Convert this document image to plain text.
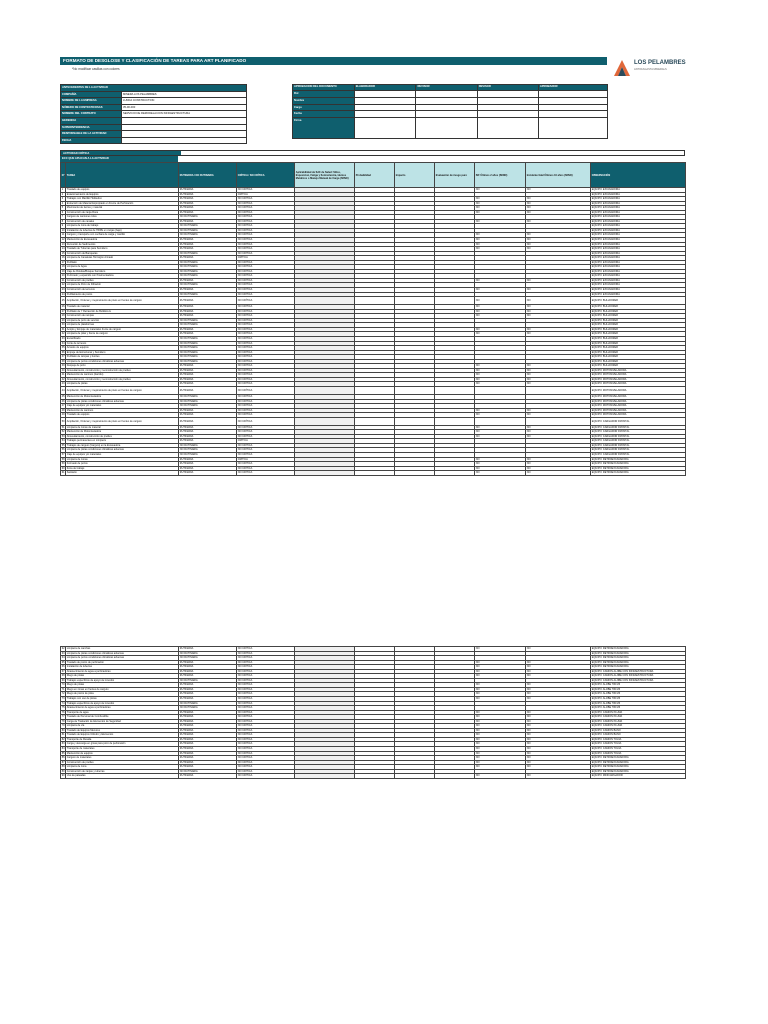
FORMATO DE DESGLOSE Y CLASIFICACIÓN DE TAREAS PARA ART PLANIFICADO
*No modificar casillas con colores
LOS PELAMBRES
ANTOFAGASTA MINERALS
ANTECEDENTES DE LA ACTIVIDAD	
COMPAÑÍA	MINERA LOS PELAMBRES
NOMBRE DE LA EMPRESA	LUNDA CONSTRUCTION
NÚMERO DE CONTRATO/OSAS	35-00-000
NOMBRE DEL CONTRATO	SERVICIO DE REMODELACION INFRAESTRUCTURA
GERENCIA	
SUPERINTENDENCIA	
RESPONSABLE DE LA ACTIVIDAD	
FECHA	
APROBACIÓN DEL DOCUMENTO	ELABORADOR	REVISOR	REVISOR	APROBADOR
Rol				
Nombre				
Cargo				
Fecha				
Firma				
ACTIVIDAD CRÍTICA
ECC QUE APLICAN A LA ACTIVIDAD
N°	TAREA	RUTINARIA / NO RUTINARIA	CRÍTICA / NO CRÍTICA	Aplicabilidad de SdC de Salud: Silice, Exposicion, Fatiga y Somnolencia, Humos Metalicos o Manejo Manual de Carga (SI/NO)	Probabilidad	Impacto	Evaluación de riesgo puro	SIF Últimos 2 años (SI/NO)	Incidente fatal Últimos 10 años (SI/NO)	OBSERVACIÓN
1	Traslado de equipos	RUTINARIA	NO CRÍTICA					NO	NO	EQUIPO: EXCAVADORA
2	Estacionamiento de Equipos	RUTINARIA	CRÍTICA							EQUIPO: EXCAVADORA
3	Trabajos con Martillo Hidráulico	RUTINARIA	NO CRÍTICA					NO	NO	EQUIPO: EXCAVADORA
4	Extracción de Material Expropiado en Frente de Perforación	RUTINARIA	NO CRÍTICA					NO	NO	EQUIPO: EXCAVADORA
5	Movimiento de tierras y material	RUTINARIA	NO CRÍTICA					NO	NO	EQUIPO: EXCAVADORA
6	Construcción de zanja Roca	RUTINARIA	NO CRÍTICA					NO	NO	EQUIPO: EXCAVADORA
7	Carguío de camiones tolva	NO RUTINARIA	NO CRÍTICA							EQUIPO: EXCAVADORA
8	Construcción de canales	RUTINARIA	NO CRÍTICA					NO	NO	EQUIPO: EXCAVADORA
9	Limpieza de zona de trabajo	NO RUTINARIA	NO CRÍTICA							EQUIPO: EXCAVADORA
10	Instalación de tuberías de HDPE en zanjas (bajo)	NO RUTINARIA	NO CRÍTICA							EQUIPO: EXCAVADORA
11	Carguío y transporte con cuchara de carga y martillo	NO RUTINARIA	NO CRÍTICA					NO	NO	EQUIPO: EXCAVADORA
12	Mantención de Excavadora	RUTINARIA	NO CRÍTICA					NO	NO	EQUIPO: EXCAVADORA
13	Remoción de Sedimentos	RUTINARIA	NO CRÍTICA					NO	NO	EQUIPO: EXCAVADORA
14	Traslado de Tuberías para Sumidero	RUTINARIA	NO CRÍTICA					NO	NO	EQUIPO: EXCAVADORA
15	Construcción de Banquetas	NO RUTINARIA	NO CRÍTICA							EQUIPO: EXCAVADORA
16	Limpieza de Canaletas Hormigón Armado	RUTINARIA	CRÍTICA							EQUIPO: EXCAVADORA
17	Perfilado	NO RUTINARIA	NO CRÍTICA							EQUIPO: EXCAVADORA
18	Limpieza de Agua	NO RUTINARIA	NO CRÍTICA							EQUIPO: EXCAVADORA
19	Izaje de Rotulas/Bosque Sumidero	NO RUTINARIA	NO CRÍTICA							EQUIPO: EXCAVADORA
20	Perforado y esparcido con Pavimentadora	NO RUTINARIA	NO CRÍTICA							EQUIPO: EXCAVADORA
21	Construcción de pretiles	RUTINARIA	NO CRÍTICA					NO	NO	EQUIPO: EXCAVADORA
22	Limpieza de Pozo de Filtración	NO RUTINARIA	NO CRÍTICA							EQUIPO: EXCAVADORA
23	Construcción de terrenos	RUTINARIA	NO CRÍTICA					NO	NO	EQUIPO: EXCAVADORA
24	Perfilamiento de pozos	NO RUTINARIA	NO CRÍTICA							EQUIPO: EXCAVADORA
25	Ampliación, Ordenar y mejoramiento de pisos en frentes de carguío	RUTINARIA	NO CRÍTICA					NO	NO	EQUIPO: BULLDOZER
26	Traslado de material	RUTINARIA	NO CRÍTICA					NO	NO	EQUIPO: BULLDOZER
27	Perfilado de Y Retracción de Bulldozers	RUTINARIA	NO CRÍTICA					NO	NO	EQUIPO: BULLDOZER
28	Construcción de rampas	RUTINARIA	NO CRÍTICA					NO	NO	EQUIPO: BULLDOZER
29	Limpieza de pozo de servicio	NO RUTINARIA	NO CRÍTICA							EQUIPO: BULLDOZER
30	Limpieza de plataformas	NO RUTINARIA	NO CRÍTICA							EQUIPO: BULLDOZER
31	Acopio y Empuje de materiales frente de carguío	RUTINARIA	NO CRÍTICA					NO	NO	EQUIPO: BULLDOZER
32	Limpieza de pilas y frente de carguío	RUTINARIA	NO CRÍTICA					NO	NO	EQUIPO: BULLDOZER
33	Escarificado	NO RUTINARIA	NO CRÍTICA							EQUIPO: BULLDOZER
34	Corte de terrenos	NO RUTINARIA	NO CRÍTICA							EQUIPO: BULLDOZER
35	Arrastre de equipos	NO RUTINARIA	NO CRÍTICA							EQUIPO: BULLDOZER
36	Empuje de Estructuras y Sumidero	NO RUTINARIA	NO CRÍTICA							EQUIPO: BULLDOZER
37	Perfilado de rampas y bordes	NO RUTINARIA	NO CRÍTICA							EQUIPO: BULLDOZER
38	Limpieza de pozos condiciones climáticas adversas	NO RUTINARIA	NO CRÍTICA							EQUIPO: BULLDOZER
39	Despeje de pozo	RUTINARIA	NO CRÍTICA					NO	NO	EQUIPO: BULLDOZER
40	Abovedamiento, construcción y reconstrucción de pretiles	RUTINARIA	NO CRÍTICA					NO	NO	EQUIPO: MOTONIVELADORA
41	Mantención de caminos (barrido)	RUTINARIA	NO CRÍTICA					NO	NO	EQUIPO: MOTONIVELADORA
42	Abovedamiento, construcción y reconstrucción de pretiles	RUTINARIA	NO CRÍTICA					NO	NO	EQUIPO: MOTONIVELADORA
43	Limpieza de pistas	RUTINARIA	NO CRÍTICA					NO	NO	EQUIPO: MOTONIVELADORA
44	Ampliación, Ordenar y mejoramiento de pisos en frentes de carguío	RUTINARIA	NO CRÍTICA							EQUIPO: MOTONIVELADORA
45	Mantención de Motoniveladora	NO RUTINARIA	NO CRÍTICA							EQUIPO: MOTONIVELADORA
46	Limpieza de pistas condiciones climáticas adversas	NO RUTINARIA	NO CRÍTICA							EQUIPO: MOTONIVELADORA
47	Izaje de equipos y/o materiales	NO RUTINARIA	NO CRÍTICA							EQUIPO: MOTONIVELADORA
48	Mantención de caminos	RUTINARIA	NO CRÍTICA					NO	NO	EQUIPO: MOTONIVELADORA
49	Traslado de equipos	RUTINARIA	NO CRÍTICA					NO	NO	EQUIPO: MOTONIVELADORA
50	Ampliación, Ordenar y mejoramiento de pisos en frentes de carguío	RUTINARIA	NO CRÍTICA							EQUIPO: CARGADOR FRONTAL
51	Limpieza de zonas de material	RUTINARIA	NO CRÍTICA					NO	NO	EQUIPO: CARGADOR FRONTAL
52	Mantención de Motoniveladora	RUTINARIA	NO CRÍTICA					NO	NO	EQUIPO: CARGADOR FRONTAL
53	Abovedamiento, construcción de pretiles	RUTINARIA	NO CRÍTICA					NO	NO	EQUIPO: CARGADOR FRONTAL
54	Trabajos permanentes en Limpieza	RUTINARIA	CRÍTICA							EQUIPO: CARGADOR FRONTAL
55	Trabajos de carguío (Carguío) en la Excavadora	NO RUTINARIA	NO CRÍTICA							EQUIPO: CARGADOR FRONTAL
56	Limpieza de pistas condiciones climáticas adversas	NO RUTINARIA	NO CRÍTICA							EQUIPO: CARGADOR FRONTAL
57	Izaje de equipos y/o materiales	NO RUTINARIA	NO CRÍTICA							EQUIPO: CARGADOR FRONTAL
58	Limpieza de zonas	RUTINARIA	CRÍTICA					NO	NO	EQUIPO: RETROEXCAVADORA
59	Formado de pozos	RUTINARIA	NO CRÍTICA					NO	NO	EQUIPO: RETROEXCAVADORA
60	Zona de trabajo	RUTINARIA	NO CRÍTICA					NO	NO	EQUIPO: RETROEXCAVADORA
61	Sanitario	RUTINARIA	NO CRÍTICA					NO	NO	EQUIPO: RETROEXCAVADORA
62	Limpieza de canchas	RUTINARIA	NO CRÍTICA					NO	NO	EQUIPO: RETROEXCAVADORA
63	Limpieza de pistas condiciones climáticas adversas	NO RUTINARIA	NO CRÍTICA							EQUIPO: RETROEXCAVADORA
64	Limpieza de pozos condiciones climáticas adversas	NO RUTINARIA	NO CRÍTICA							EQUIPO: RETROEXCAVADORA
65	Traslado de pozos de perforación	RUTINARIA	NO CRÍTICA					NO	NO	EQUIPO: RETROEXCAVADORA
66	Instalación de tuberías	RUTINARIA	NO CRÍTICA					NO	NO	EQUIPO: RETROEXCAVADORA
67	Abastecimiento de agua a perforadoras	RUTINARIA	NO CRÍTICA					NO	NO	EQUIPO: CAMION ALJIBE CON INFRAESTRUCTURA
68	Riego de pistas	RUTINARIA	NO CRÍTICA					NO	NO	EQUIPO: CAMION ALJIBE CON INFRAESTRUCTURA
69	Trabajos específicos de apoyo de incendio	NO RUTINARIA	NO CRÍTICA							EQUIPO: CAMION ALJIBE CON INFRAESTRUCTURA
70	Riego de pistas	RUTINARIA	NO CRÍTICA					NO	NO	EQUIPO: ALJIBE 780 M3
71	Riego en zonas en frentes de carguío	RUTINARIA	NO CRÍTICA					NO	NO	EQUIPO: ALJIBE 780 M3
72	Riego de pozos de pista	RUTINARIA	NO CRÍTICA					NO	NO	EQUIPO: ALJIBE 780 M3
73	Trabajos con uso de pistas	RUTINARIA	NO CRÍTICA					NO	NO	EQUIPO: ALJIBE 780 M3
74	Trabajos específicos de apoyo de incendio	NO RUTINARIA	NO CRÍTICA							EQUIPO: ALJIBE 780 M3
75	Abastecimiento de agua a perforadoras	NO RUTINARIA	NO CRÍTICA							EQUIPO: ALJIBE 780 M3
76	Transporte de agua	RUTINARIA	NO CRÍTICA					NO	NO	EQUIPO: CAMION PLUMA
77	Traslado de Personal de Combustible	RUTINARIA	NO CRÍTICA					NO	NO	EQUIPO: CAMION PLUMA
78	Carga de Traslación de Elementos de Seguridad	RUTINARIA	NO CRÍTICA					NO	NO	EQUIPO: CAMION PLUMA
79	Limpieza de vía	RUTINARIA	NO CRÍTICA					NO	NO	EQUIPO: CAMION PLUMA
80	Traslado de Equipos Menores	RUTINARIA	NO CRÍTICA					NO	NO	EQUIPO: CAMION BAÑO
81	Traslado de Equipos Cilindro y Elementos	RUTINARIA	NO CRÍTICA					NO	NO	EQUIPO: CAMION BAÑO
82	Transporte de Rusalia	RUTINARIA	NO CRÍTICA					NO	NO	EQUIPO: CAMION TOLVA
83	Carga y descarga en grúas para pozo de perforación	RUTINARIA	NO CRÍTICA					NO	NO	EQUIPO: CAMION TOLVA
84	Transporte de materiales	RUTINARIA	NO CRÍTICA					NO	NO	EQUIPO: CAMION TOLVA
85	Mantención de equipos	RUTINARIA	NO CRÍTICA					NO	NO	EQUIPO: CAMION TOLVA
86	Carguío de materiales	RUTINARIA	NO CRÍTICA					NO	NO	EQUIPO: RETROEXCAVADORA
87	Construcción de pretiles	RUTINARIA	NO CRÍTICA					NO	NO	EQUIPO: RETROEXCAVADORA
88	Limpieza de zona	RUTINARIA	NO CRÍTICA					NO	NO	EQUIPO: RETROEXCAVADORA
89	Construcción de zanjas y tuberías	NO RUTINARIA	NO CRÍTICA							EQUIPO: RETROEXCAVADORA
90	Uso de paleadas	RUTINARIA	NO CRÍTICA					NO	NO	EQUIPO: MINICARGADOR
